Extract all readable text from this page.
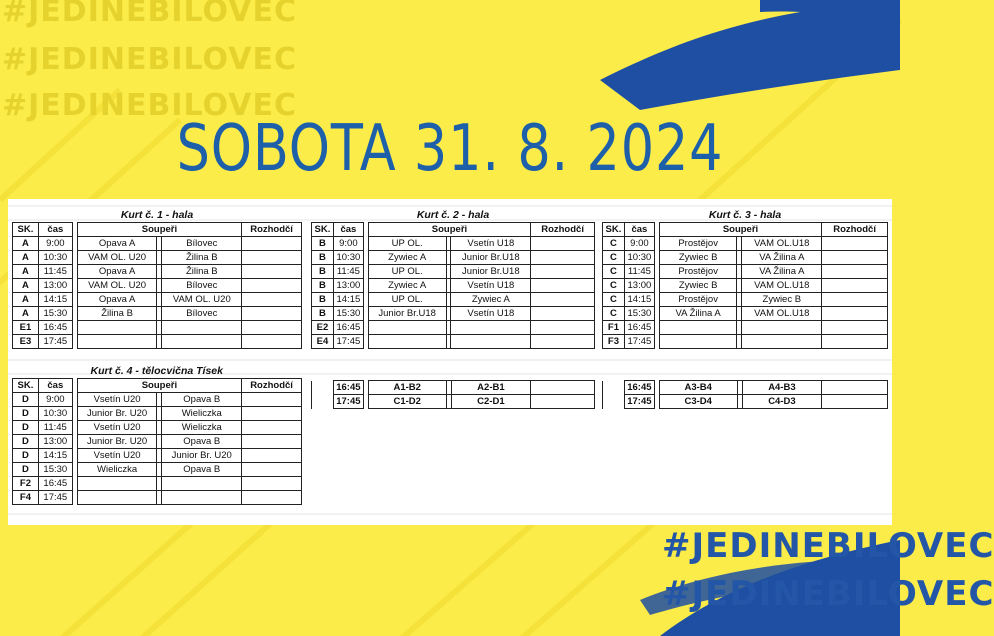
#JEDINEBILOVEC
#JEDINEBILOVEC
#JEDINEBILOVEC
#JEDINEBILOVEC
#JEDINEBILOVEC
SOBOTA 31. 8. 2024
Kurt č. 1 - hala						
SK.	čas		Soupeři			Rozhodčí
A	9:00		Opava A		Bílovec	
A	10:30		VAM OL. U20		Žilina B	
A	11:45		Opava A		Žilina B	
A	13:00		VAM OL. U20		Bílovec	
A	14:15		Opava A		VAM OL. U20	
A	15:30		Žilina B		Bílovec	
E1	16:45					
E3	17:45					
Kurt č. 2 - hala						
SK.	čas		Soupeři			Rozhodčí
B	9:00		UP OL.		Vsetín U18	
B	10:30		Zywiec A		Junior Br.U18	
B	11:45		UP OL.		Junior Br.U18	
B	13:00		Zywiec A		Vsetín U18	
B	14:15		UP OL.		Zywiec A	
B	15:30		Junior Br.U18		Vsetín U18	
E2	16:45					
E4	17:45					
Kurt č. 3 - hala						
SK.	čas		Soupeři			Rozhodčí
C	9:00		Prostějov		VAM OL.U18	
C	10:30		Zywiec B		VA Žilina A	
C	11:45		Prostějov		VA Žilina A	
C	13:00		Zywiec B		VAM OL.U18	
C	14:15		Prostějov		Zywiec B	
C	15:30		VA Žilina A		VAM OL.U18	
F1	16:45					
F3	17:45					
Kurt č. 4 - tělocvična Tísek						
SK.	čas		Soupeři			Rozhodčí
D	9:00		Vsetín U20		Opava B	
D	10:30		Junior Br. U20		Wieliczka	
D	11:45		Vsetín U20		Wieliczka	
D	13:00		Junior Br. U20		Opava B	
D	14:15		Vsetín U20		Junior Br. U20	
D	15:30		Wieliczka		Opava B	
F2	16:45					
F4	17:45					
	16:45		A1-B2		A2-B1	
	17:45		C1-D2		C2-D1	
	16:45		A3-B4		A4-B3	
	17:45		C3-D4		C4-D3	
